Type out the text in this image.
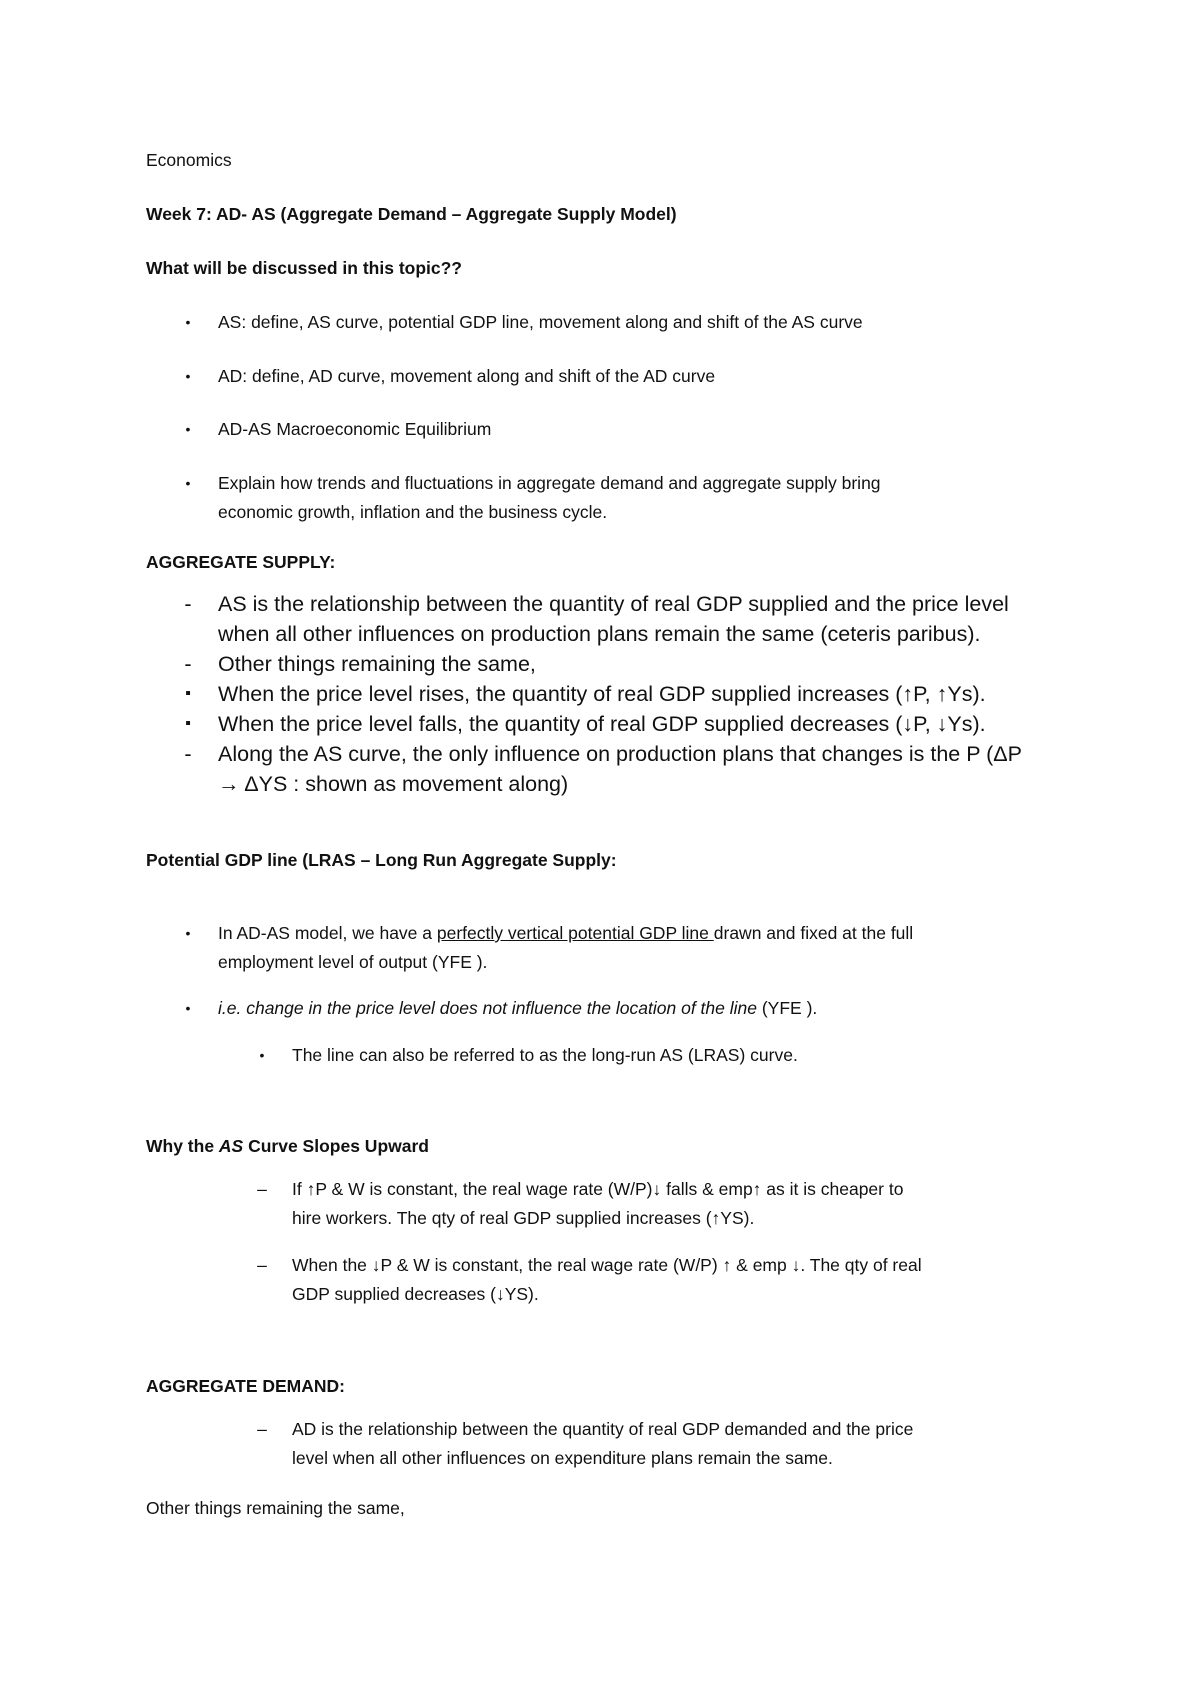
Economics

Week 7: AD- AS (Aggregate Demand – Aggregate Supply Model)

What will be discussed in this topic??

•	AS: define, AS curve, potential GDP line, movement along and shift of the AS curve
•	AD: define, AD curve, movement along and shift of the AD curve
•	AD-AS Macroeconomic Equilibrium
•	Explain how trends and fluctuations in aggregate demand and aggregate supply bring
economic growth, inflation and the business cycle.

AGGREGATE SUPPLY:

-	AS is the relationship between the quantity of real GDP supplied and the price level
when all other influences on production plans remain the same (ceteris paribus).
-	Other things remaining the same,
▪	When the price level rises, the quantity of real GDP supplied increases (↑P, ↑Ys).
▪	When the price level falls, the quantity of real GDP supplied decreases (↓P, ↓Ys).
-	Along the AS curve, the only influence on production plans that changes is the P (ΔP
→ ΔYS : shown as movement along)

Potential GDP line (LRAS – Long Run Aggregate Supply:

•	In AD-AS model, we have a perfectly vertical potential GDP line drawn and fixed at the full
employment level of output (YFE ).
•	i.e. change in the price level does not influence the location of the line (YFE ).
•	The line can also be referred to as the long-run AS (LRAS) curve.

Why the AS Curve Slopes Upward

–	If ↑P & W is constant, the real wage rate (W/P)↓ falls & emp↑ as it is cheaper to
hire workers. The qty of real GDP supplied increases (↑YS).
–	When the ↓P & W is constant, the real wage rate (W/P) ↑ & emp ↓. The qty of real
GDP supplied decreases (↓YS).

AGGREGATE DEMAND:

–	AD is the relationship between the quantity of real GDP demanded and the price
level when all other influences on expenditure plans remain the same.

Other things remaining the same,
